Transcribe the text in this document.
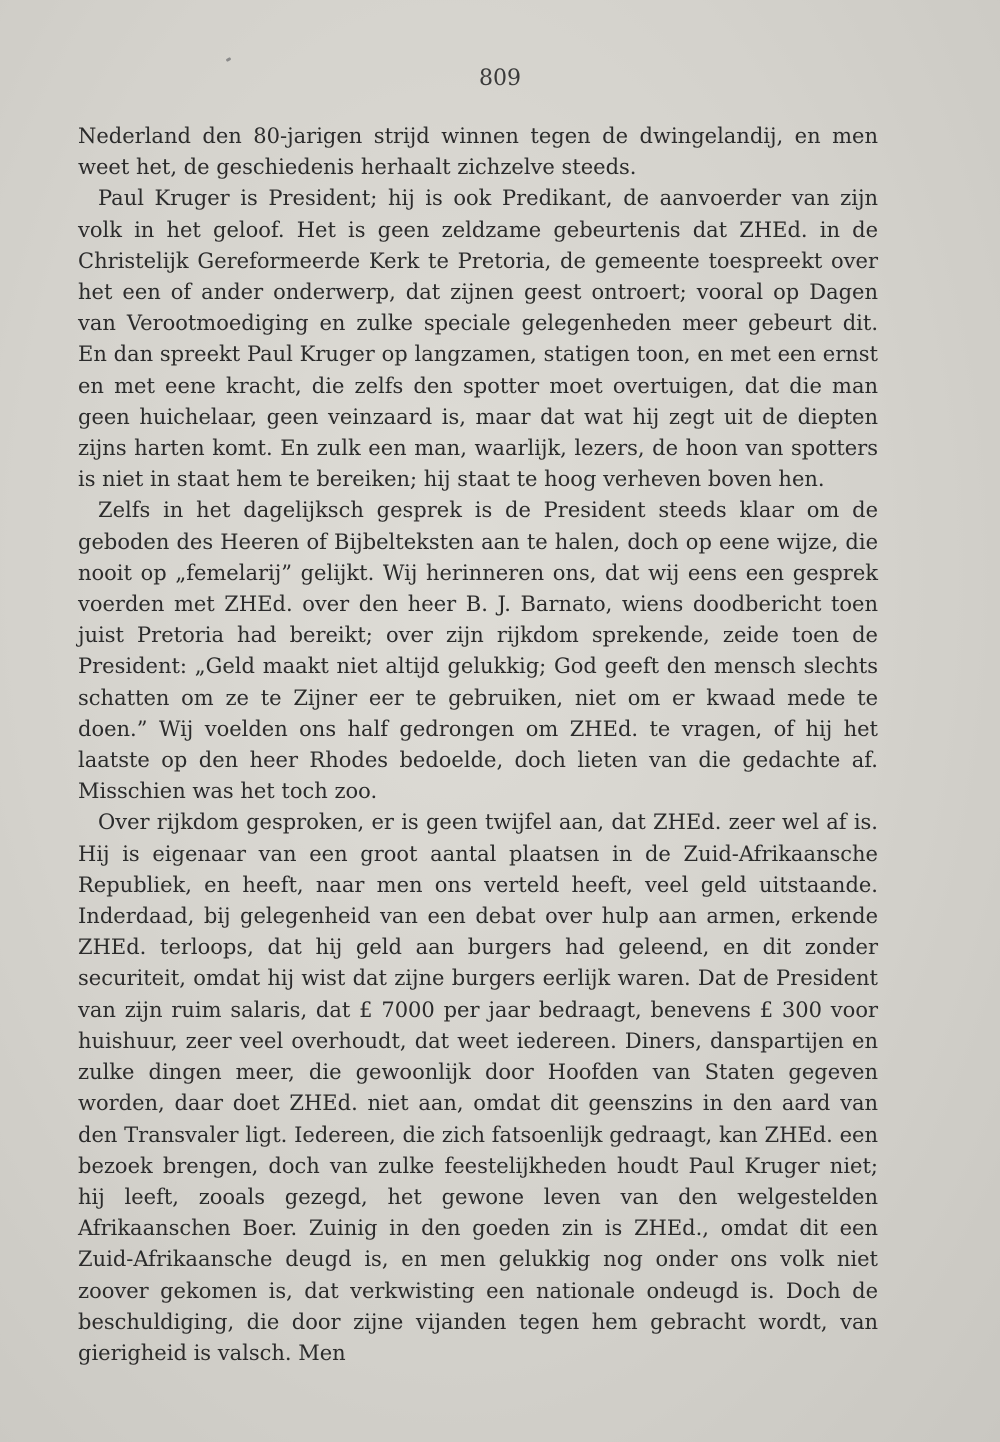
809

Nederland den 80-jarigen strijd winnen tegen de dwingelandij, en men weet het, de geschiedenis herhaalt zichzelve steeds.

Paul Kruger is President; hij is ook Predikant, de aanvoerder van zijn volk in het geloof. Het is geen zeldzame gebeurtenis dat ZHEd. in de Christelijk Gereformeerde Kerk te Pretoria, de gemeente toespreekt over het een of ander onderwerp, dat zijnen geest ontroert; vooral op Dagen van Verootmoediging en zulke speciale gelegenheden meer gebeurt dit. En dan spreekt Paul Kruger op langzamen, statigen toon, en met een ernst en met eene kracht, die zelfs den spotter moet overtuigen, dat die man geen huichelaar, geen veinzaard is, maar dat wat hij zegt uit de diepten zijns harten komt. En zulk een man, waarlijk, lezers, de hoon van spotters is niet in staat hem te bereiken; hij staat te hoog verheven boven hen.

Zelfs in het dagelijksch gesprek is de President steeds klaar om de geboden des Heeren of Bijbelteksten aan te halen, doch op eene wijze, die nooit op „femelarij” gelijkt. Wij herinneren ons, dat wij eens een gesprek voerden met ZHEd. over den heer B. J. Barnato, wiens doodbericht toen juist Pretoria had bereikt; over zijn rijkdom sprekende, zeide toen de President: „Geld maakt niet altijd gelukkig; God geeft den mensch slechts schatten om ze te Zijner eer te gebruiken, niet om er kwaad mede te doen.” Wij voelden ons half gedrongen om ZHEd. te vragen, of hij het laatste op den heer Rhodes bedoelde, doch lieten van die gedachte af. Misschien was het toch zoo.

Over rijkdom gesproken, er is geen twijfel aan, dat ZHEd. zeer wel af is. Hij is eigenaar van een groot aantal plaatsen in de Zuid-Afrikaansche Republiek, en heeft, naar men ons verteld heeft, veel geld uitstaande. Inderdaad, bij gelegenheid van een debat over hulp aan armen, erkende ZHEd. terloops, dat hij geld aan burgers had geleend, en dit zonder securiteit, omdat hij wist dat zijne burgers eerlijk waren. Dat de President van zijn ruim salaris, dat £ 7000 per jaar bedraagt, benevens £ 300 voor huishuur, zeer veel overhoudt, dat weet iedereen. Diners, danspartijen en zulke dingen meer, die gewoonlijk door Hoofden van Staten gegeven worden, daar doet ZHEd. niet aan, omdat dit geenszins in den aard van den Transvaler ligt. Iedereen, die zich fatsoenlijk gedraagt, kan ZHEd. een bezoek brengen, doch van zulke feestelijkheden houdt Paul Kruger niet; hij leeft, zooals gezegd, het gewone leven van den welgestelden Afrikaanschen Boer. Zuinig in den goeden zin is ZHEd., omdat dit een Zuid-Afrikaansche deugd is, en men gelukkig nog onder ons volk niet zoover gekomen is, dat verkwisting een nationale ondeugd is. Doch de beschuldiging, die door zijne vijanden tegen hem gebracht wordt, van gierigheid is valsch. Men
